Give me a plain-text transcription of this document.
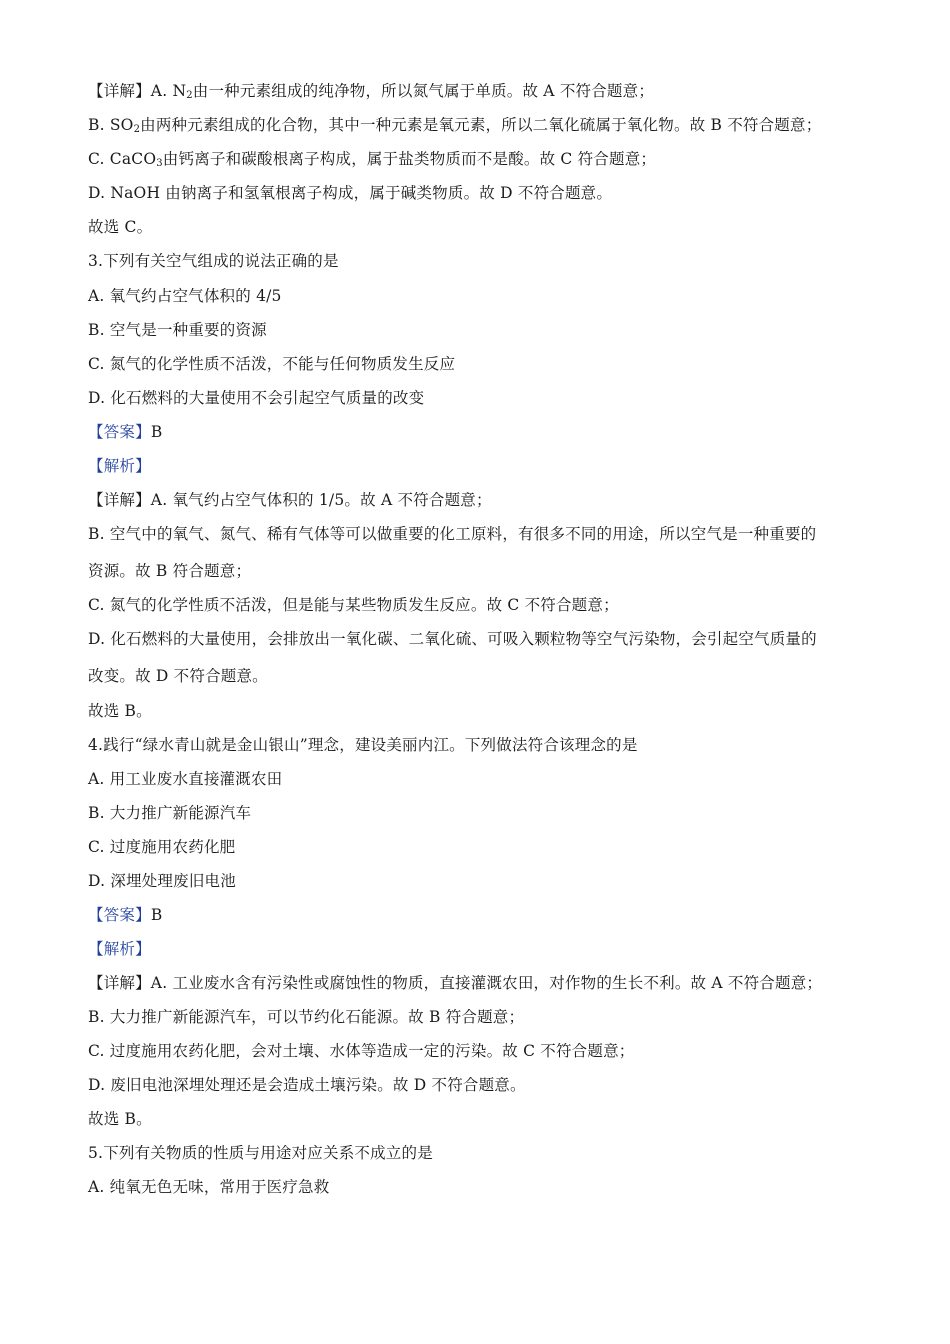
【详解】A. $N_2$由一种元素组成的纯净物，所以氮气属于单质。故 A 不符合题意；
B. $SO_2$由两种元素组成的化合物，其中一种元素是氧元素，所以二氧化硫属于氧化物。故 B 不符合题意；
C. CaCO$_3$由钙离子和碳酸根离子构成，属于盐类物质而不是酸。故 C 符合题意；
D. NaOH 由钠离子和氢氧根离子构成，属于碱类物质。故 D 不符合题意。
故选 C。
3.下列有关空气组成的说法正确的是
A. 氧气约占空气体积的 4/5
B. 空气是一种重要的资源
C. 氮气的化学性质不活泼，不能与任何物质发生反应
D. 化石燃料的大量使用不会引起空气质量的改变
【答案】B
【解析】
【详解】A. 氧气约占空气体积的 1/5。故 A 不符合题意；
B. 空气中的氧气、氮气、稀有气体等可以做重要的化工原料，有很多不同的用途，所以空气是一种重要的
资源。故 B 符合题意；
C. 氮气的化学性质不活泼，但是能与某些物质发生反应。故 C 不符合题意；
D. 化石燃料的大量使用，会排放出一氧化碳、二氧化硫、可吸入颗粒物等空气污染物，会引起空气质量的
改变。故 D 不符合题意。
故选 B。
4.践行“绿水青山就是金山银山”理念，建设美丽内江。下列做法符合该理念的是
A. 用工业废水直接灌溉农田
B. 大力推广新能源汽车
C. 过度施用农药化肥
D. 深埋处理废旧电池
【答案】B
【解析】
【详解】A. 工业废水含有污染性或腐蚀性的物质，直接灌溉农田，对作物的生长不利。故 A 不符合题意；
B. 大力推广新能源汽车，可以节约化石能源。故 B 符合题意；
C. 过度施用农药化肥，会对土壤、水体等造成一定的污染。故 C 不符合题意；
D. 废旧电池深埋处理还是会造成土壤污染。故 D 不符合题意。
故选 B。
5.下列有关物质的性质与用途对应关系不成立的是
A. 纯氧无色无味，常用于医疗急救
